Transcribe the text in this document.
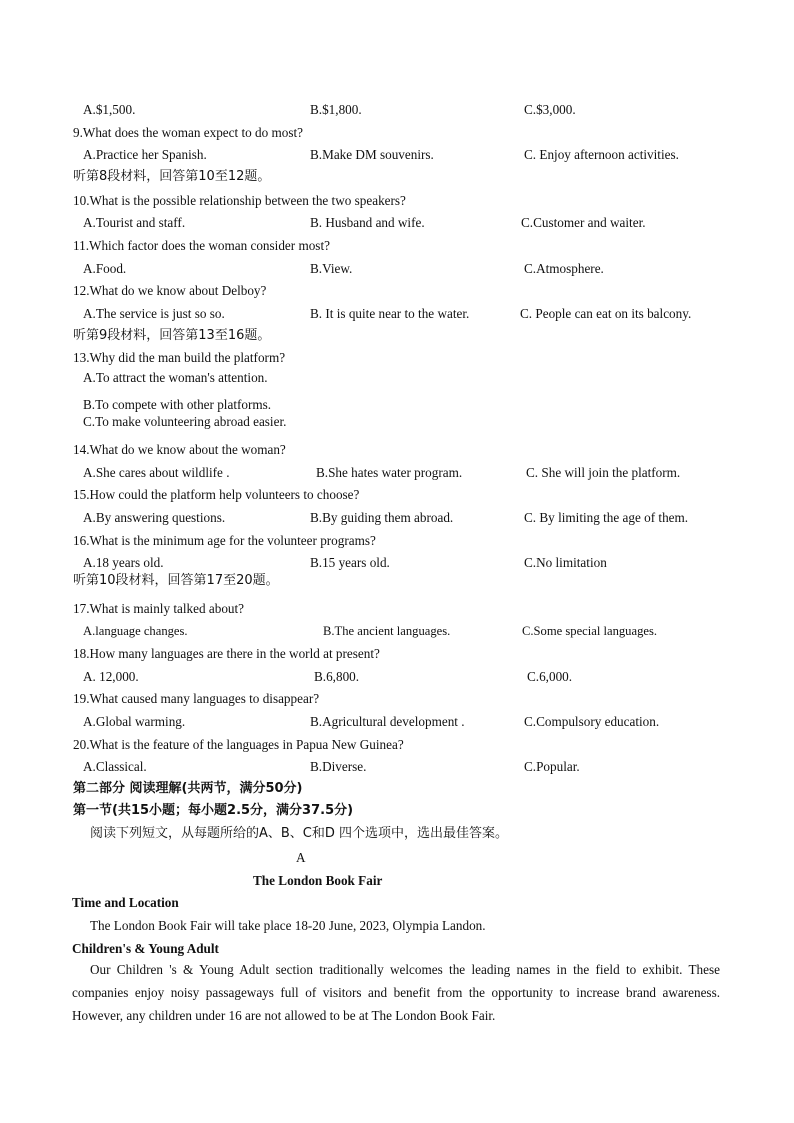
A.$1,500.	B.$1,800.	C.$3,000.
9.What does the woman expect to do most?
A.Practice her Spanish.	B.Make DM souvenirs.	C. Enjoy afternoon activities.
听第8段材料，回答第10至12题。
10.What is the possible relationship between the two speakers?
A.Tourist and staff.	B. Husband and wife.	C.Customer and waiter.
11.Which factor does the woman consider most?
A.Food.	B.View.	C.Atmosphere.
12.What do we know about Delboy?
A.The service is just so so.	B. It is quite near to the water.	C. People can eat on its balcony.
听第9段材料，回答第13至16题。
13.Why did the man build the platform?
A.To attract the woman's attention.
B.To compete with other platforms.
C.To make volunteering abroad easier.
14.What do we know about the woman?
A.She cares about wildlife .	B.She hates water program.	C. She will join the platform.
15.How could the platform help volunteers to choose?
A.By answering questions.	B.By guiding them abroad.	C. By limiting the age of them.
16.What is the minimum age for the volunteer programs?
A.18 years old.	B.15 years old.	C.No limitation
听第10段材料，回答第17至20题。
17.What is mainly talked about?
A.language changes.	B.The ancient languages.	C.Some special languages.
18.How many languages are there in the world at present?
A. 12,000.	B.6,800.	C.6,000.
19.What caused many languages to disappear?
A.Global warming.	B.Agricultural development .	C.Compulsory education.
20.What is the feature of the languages in Papua New Guinea?
A.Classical.	B.Diverse.	C.Popular.
第二部分 阅读理解(共两节，满分50分)
第一节(共15小题；每小题2.5分，满分37.5分)
阅读下列短文，从每题所给的A、B、C和D 四个选项中，选出最佳答案。
A
The London Book Fair
Time and Location
The London Book Fair will take place 18-20 June, 2023, Olympia Landon.
Children's & Young Adult
Our Children 's & Young Adult section traditionally welcomes the leading names in the field to exhibit. These companies enjoy noisy passageways full of visitors and benefit from the opportunity to increase brand awareness. However, any children under 16 are not allowed to be at The London Book Fair.
